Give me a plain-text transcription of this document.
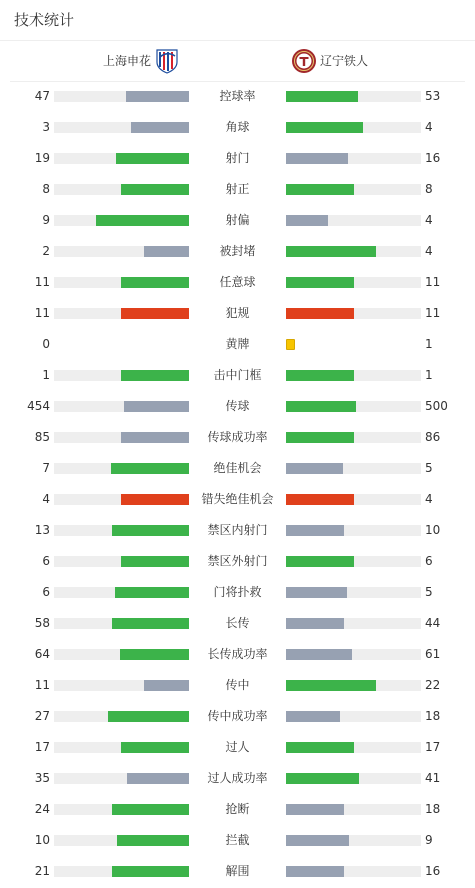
技术统计
上海申花	辽宁铁人
47	控球率	53
3	角球	4
19	射门	16
8	射正	8
9	射偏	4
2	被封堵	4
11	任意球	11
11	犯规	11
0	黄牌	1
1	击中门框	1
454	传球	500
85	传球成功率	86
7	绝佳机会	5
4	错失绝佳机会	4
13	禁区内射门	10
6	禁区外射门	6
6	门将扑救	5
58	长传	44
64	长传成功率	61
11	传中	22
27	传中成功率	18
17	过人	17
35	过人成功率	41
24	抢断	18
10	拦截	9
21	解围	16
